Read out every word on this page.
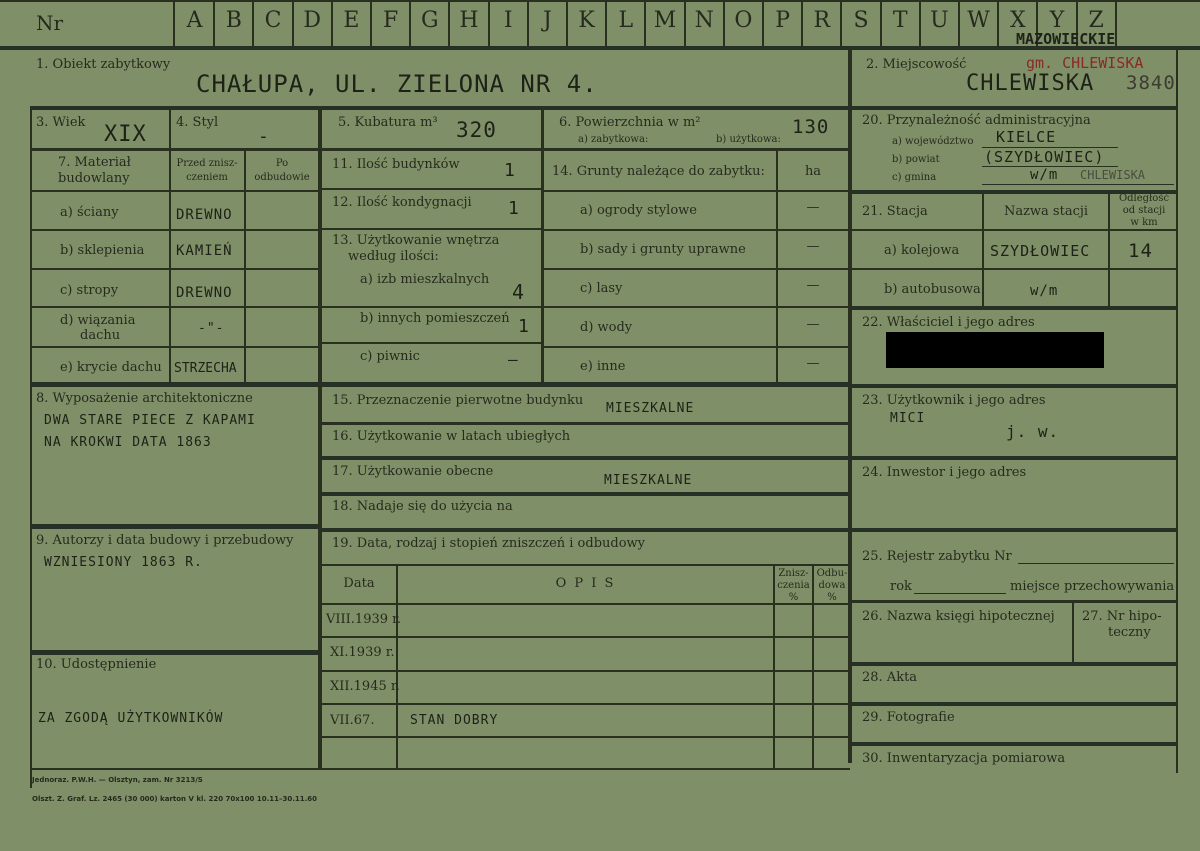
Nr	A	B	C D	E	F	G H	I	J	K	L M N O	P	R	S	T	U W X	Y	Z
MAZOWIECKIE
1. Obiekt zabytkowy
CHAŁUPA, UL. ZIELONA NR 4.
2. Miejscowość
CHLEWISKA
gm. CHLEWISKA
3840
3. Wiek XIX 4. Styl
-
5. Kubatura m³ 320	6. Powierzchnia w m²
a) zabytkowa:	b) użytkowa:
130	20. Przynależność administracyjna
a) województwo KIELCE
b) powiat	(SZYDŁOWIEC)
c) gmina	w/m CHLEWISKA
7. Materiał
budowlany
Przed znisz-
czeniem
Po
odbudowie
a) ściany	DREWNO
b) sklepienia KAMIEŃ
c) stropy	DREWNO
d) wiązania
dachu	-"-
e) krycie dachu STRZECHA
11. Ilość budynków 1
12. Ilość kondygnacji 1
13. Użytkowanie wnętrza
według ilości:
a) izb mieszkalnych
4
b) innych pomieszczeń 1
c) piwnic	–
14. Grunty należące do zabytku:	ha
a) ogrody stylowe	—
b) sady i grunty uprawne	—
c) lasy	—
d) wody	—
e) inne	—
21. Stacja	Nazwa stacji
Odległość
od stacji
w km
a) kolejowa SZYDŁOWIEC 14
b) autobusowa	w/m
22. Właściciel i jego adres
8. Wyposażenie architektoniczne
DWA STARE PIECE Z KAPAMI
NA KROKWI DATA 1863
9. Autorzy i data budowy i przebudowy
WZNIESIONY 1863 R.
10. Udostępnienie
ZA ZGODĄ UŻYTKOWNIKÓW
15. Przeznaczenie pierwotne budynku
MIESZKALNE
16. Użytkowanie w latach ubiegłych
17. Użytkowanie obecne
MIESZKALNE
18. Nadaje się do użycia na
19. Data, rodzaj i stopień zniszczeń i odbudowy
Data	O P I S
Znisz-
czenia
%
Odbu-
dowa
%
VIII.1939 r.
XI.1939 r.
XII.1945 r.
VII.67.	STAN DOBRY
23. Użytkownik i jego adres
MICI
j. w.
24. Inwestor i jego adres
25. Rejestr zabytku Nr
rok	miejsce przechowywania
26. Nazwa księgi hipotecznej 27. Nr hipo-
teczny
28. Akta
29. Fotografie
30. Inwentaryzacja pomiarowa
Jednoraz. P.W.H. — Olsztyn, zam. Nr 3213/S
Olszt. Z. Graf. Lz. 2465 (30 000) karton V kl. 220 70x100 10.11–30.11.60
